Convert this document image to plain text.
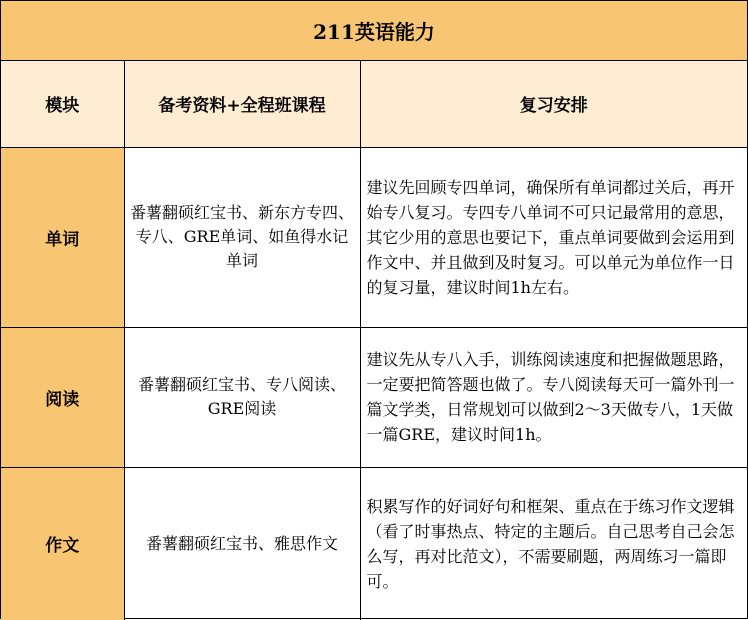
211英语能力
模块	备考资料+全程班课程	复习安排
单词	番薯翻硕红宝书、新东方专四、专八、GRE单词、如鱼得水记单词	建议先回顾专四单词，确保所有单词都过关后，再开始专八复习。专四专八单词不可只记最常用的意思，其它少用的意思也要记下，重点单词要做到会运用到作文中、并且做到及时复习。可以单元为单位作一日的复习量，建议时间1h左右。
阅读	番薯翻硕红宝书、专八阅读、GRE阅读	建议先从专八入手，训练阅读速度和把握做题思路，一定要把简答题也做了。专八阅读每天可一篇外刊一篇文学类，日常规划可以做到2～3天做专八，1天做一篇GRE，建议时间1h。
作文	番薯翻硕红宝书、雅思作文	积累写作的好词好句和框架、重点在于练习作文逻辑（看了时事热点、特定的主题后。自己思考自己会怎么写，再对比范文），不需要刷题，两周练习一篇即可。
